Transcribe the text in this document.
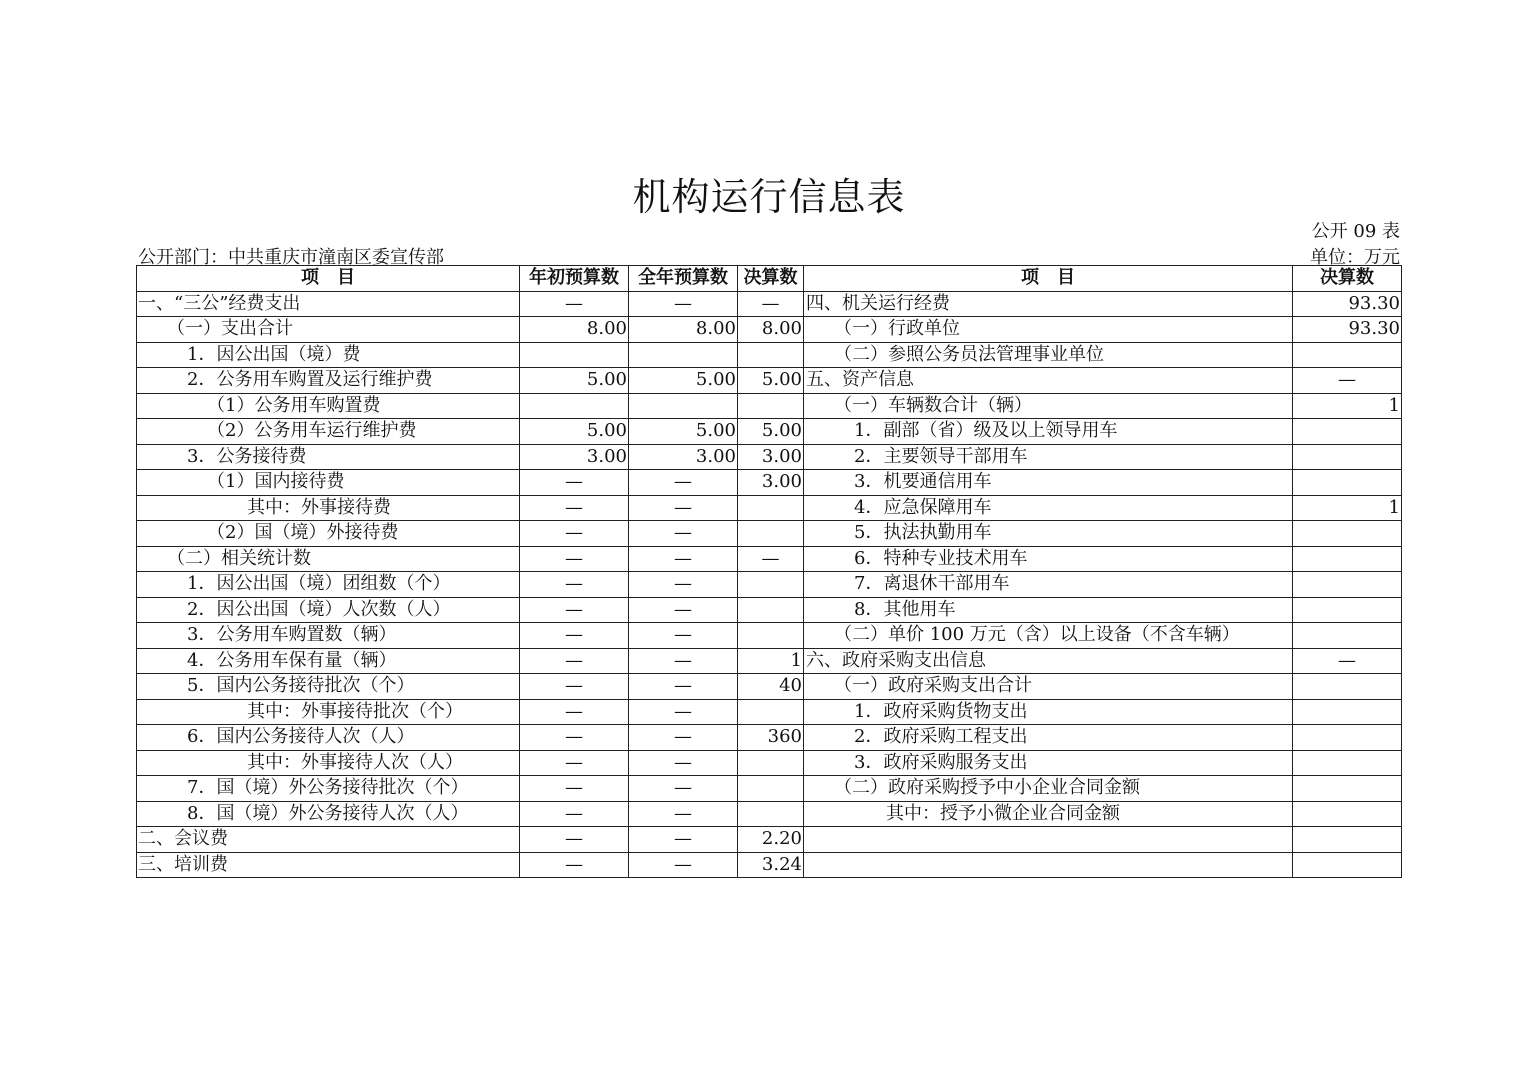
机构运行信息表
公开 09 表
公开部门：中共重庆市潼南区委宣传部	单位：万元
项　目	年初预算数	全年预算数	决算数	项　目	决算数
一、“三公”经费支出	—	—	—	四、机关运行经费	93.30
（一）支出合计	8.00	8.00	8.00	（一）行政单位	93.30
1．因公出国（境）费				（二）参照公务员法管理事业单位	
2．公务用车购置及运行维护费	5.00	5.00	5.00	五、资产信息	—
（1）公务用车购置费				（一）车辆数合计（辆）	1
（2）公务用车运行维护费	5.00	5.00	5.00	1．副部（省）级及以上领导用车	
3．公务接待费	3.00	3.00	3.00	2．主要领导干部用车	
（1）国内接待费	—	—	3.00	3．机要通信用车	
其中：外事接待费	—	—		4．应急保障用车	1
（2）国（境）外接待费	—	—		5．执法执勤用车	
（二）相关统计数	—	—	—	6．特种专业技术用车	
1．因公出国（境）团组数（个）	—	—		7．离退休干部用车	
2．因公出国（境）人次数（人）	—	—		8．其他用车	
3．公务用车购置数（辆）	—	—		（二）单价 100 万元（含）以上设备（不含车辆）	
4．公务用车保有量（辆）	—	—	1	六、政府采购支出信息	—
5．国内公务接待批次（个）	—	—	40	（一）政府采购支出合计	
其中：外事接待批次（个）	—	—		1．政府采购货物支出	
6．国内公务接待人次（人）	—	—	360	2．政府采购工程支出	
其中：外事接待人次（人）	—	—		3．政府采购服务支出	
7．国（境）外公务接待批次（个）	—	—		（二）政府采购授予中小企业合同金额	
8．国（境）外公务接待人次（人）	—	—		其中：授予小微企业合同金额	
二、会议费	—	—	2.20		
三、培训费	—	—	3.24		
